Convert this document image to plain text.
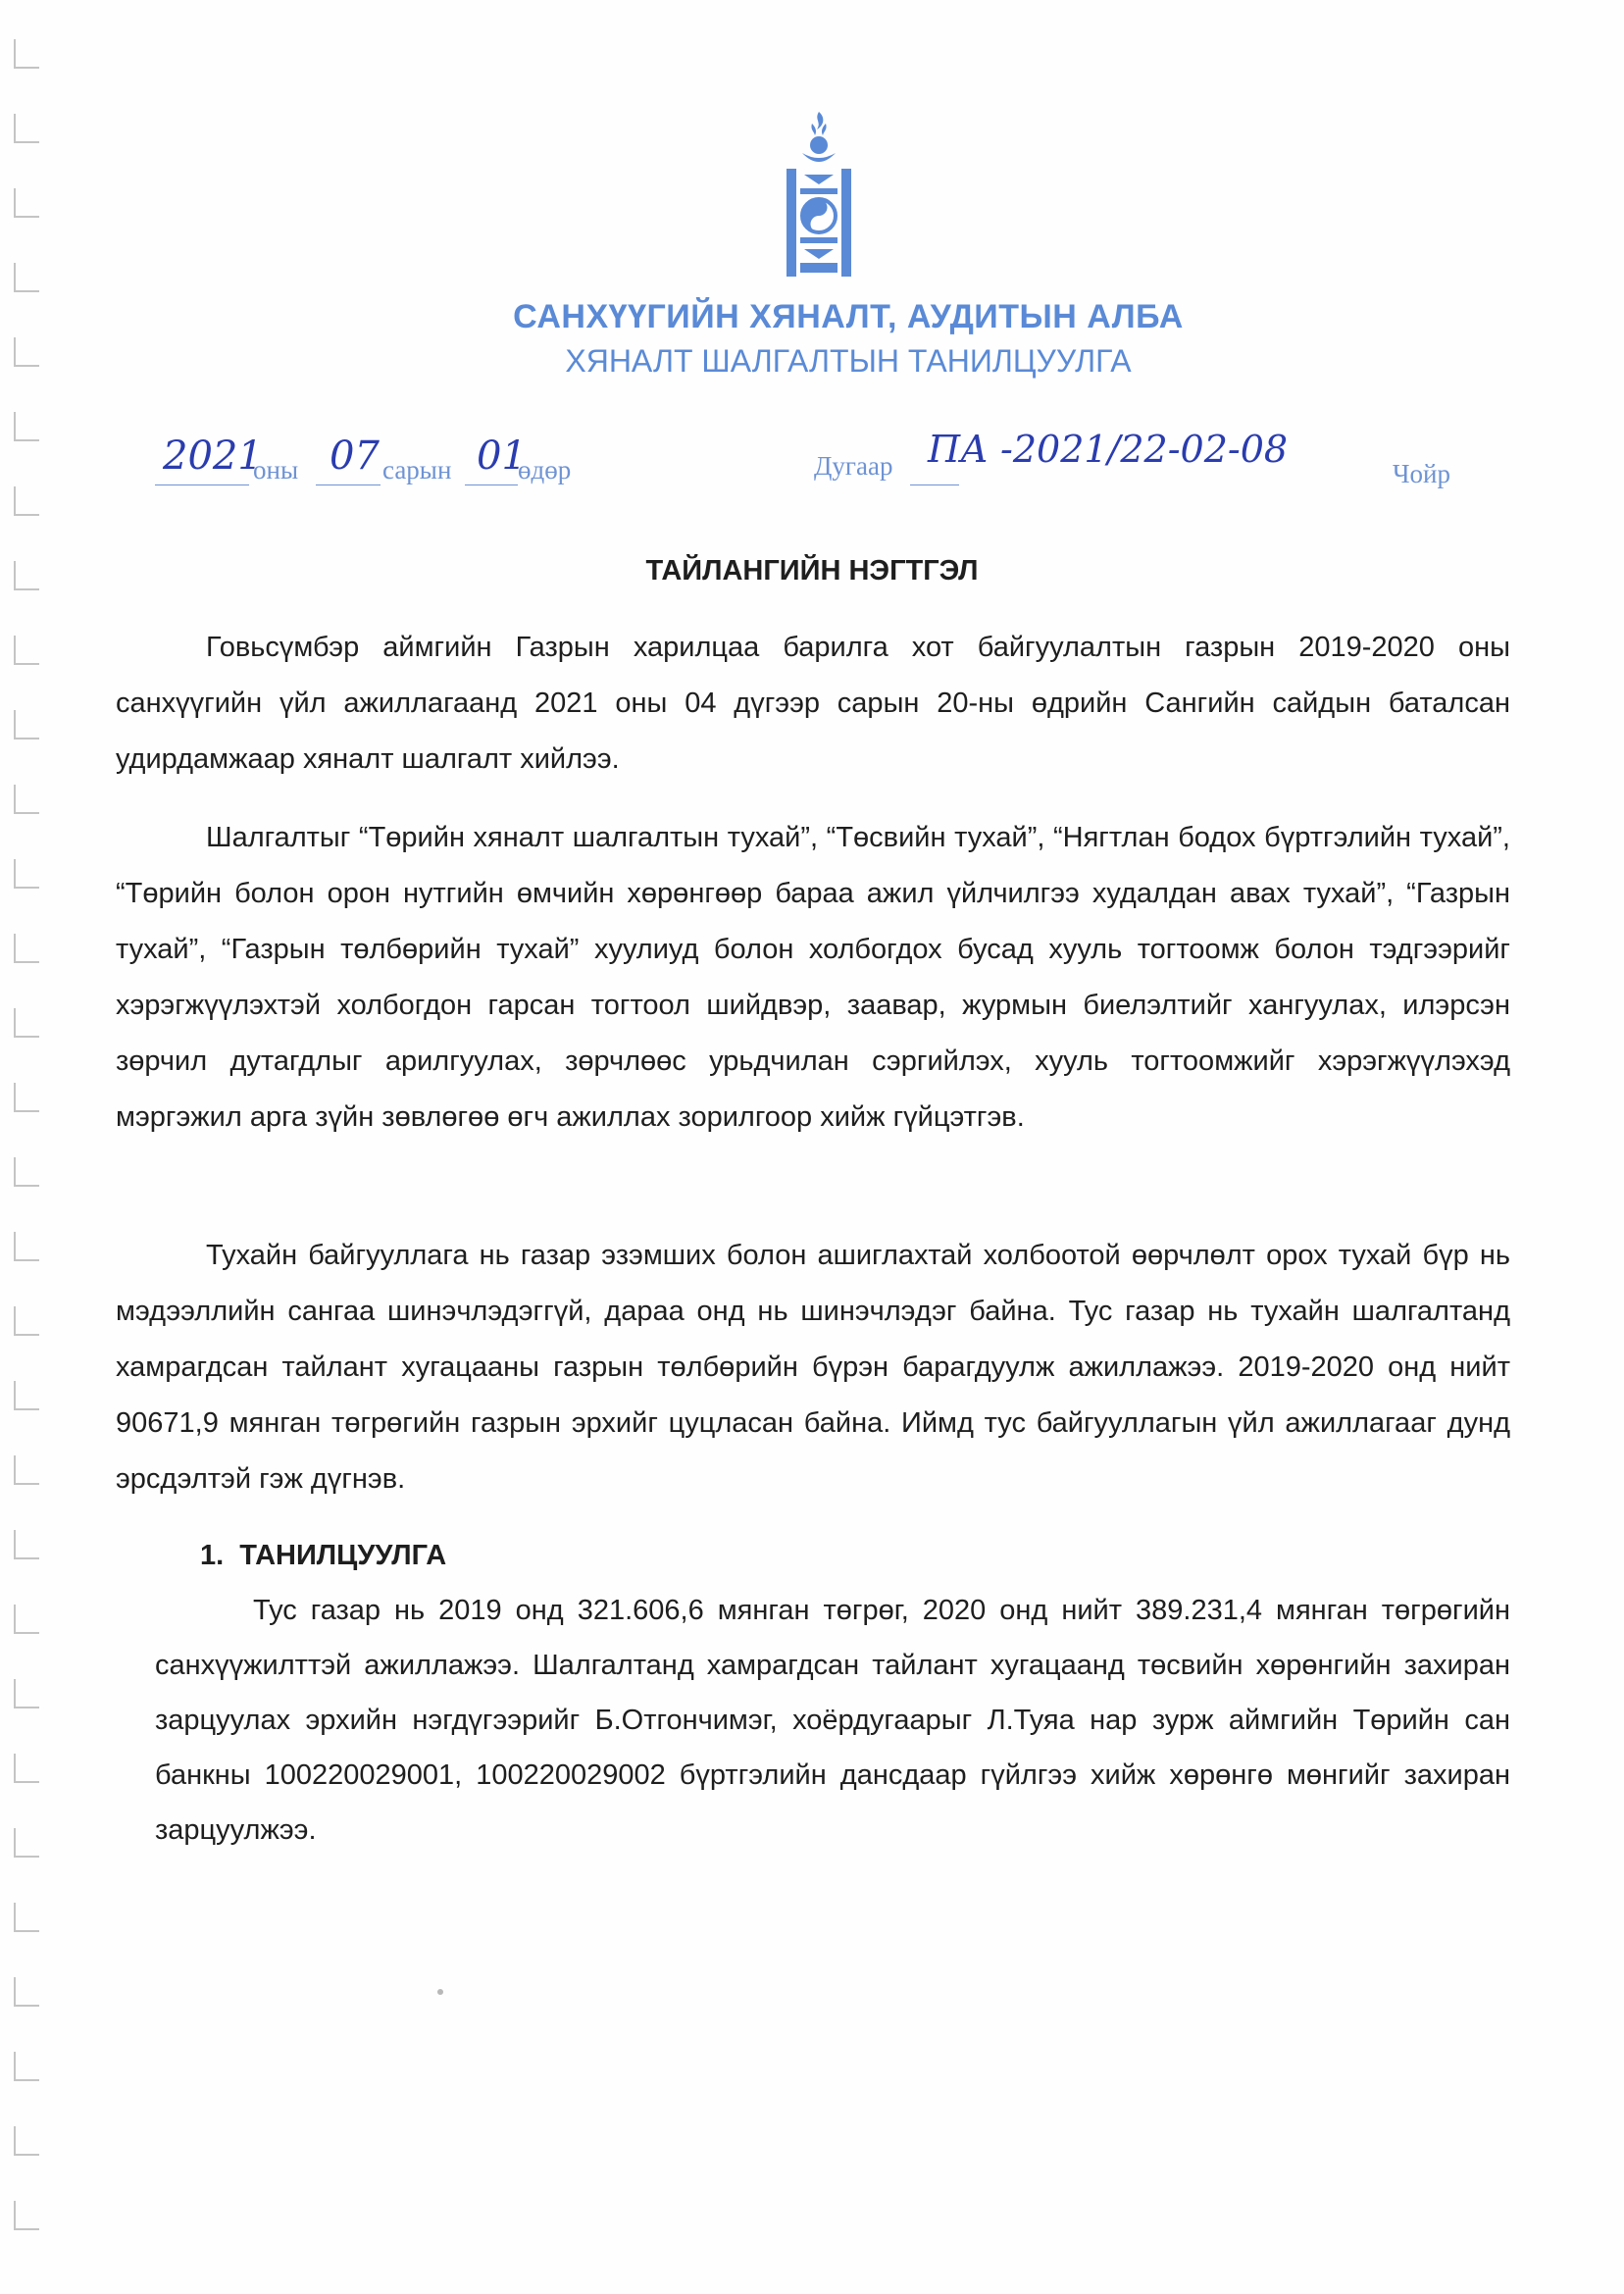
САНХҮҮГИЙН ХЯНАЛТ, АУДИТЫН АЛБА
ХЯНАЛТ ШАЛГАЛТЫН ТАНИЛЦУУЛГА
2021
оны 07 сарын 01
өдөр	Дугаар ПА -2021/22-02-08
Чойр
ТАЙЛАНГИЙН НЭГТГЭЛ

Говьсүмбэр аймгийн Газрын харилцаа барилга хот байгуулалтын газрын 2019-2020 оны санхүүгийн үйл ажиллагаанд 2021 оны 04 дүгээр сарын 20-ны өдрийн Сангийн сайдын баталсан удирдамжаар хяналт шалгалт хийлээ.

Шалгалтыг “Төрийн хяналт шалгалтын тухай”, “Төсвийн тухай”, “Нягтлан бодох бүртгэлийн тухай”, “Төрийн болон орон нутгийн өмчийн хөрөнгөөр бараа ажил үйлчилгээ худалдан авах тухай”, “Газрын тухай”, “Газрын төлбөрийн тухай” хуулиуд болон холбогдох бусад хууль тогтоомж болон тэдгээрийг хэрэгжүүлэхтэй холбогдон гарсан тогтоол шийдвэр, заавар, журмын биелэлтийг хангуулах, илэрсэн зөрчил дутагдлыг арилгуулах, зөрчлөөс урьдчилан сэргийлэх, хууль тогтоомжийг хэрэгжүүлэхэд мэргэжил арга зүйн зөвлөгөө өгч ажиллах зорилгоор хийж гүйцэтгэв.

Тухайн байгууллага нь газар эзэмших болон ашиглахтай холбоотой өөрчлөлт орох тухай бүр нь мэдээллийн сангаа шинэчлэдэггүй, дараа онд нь шинэчлэдэг байна. Тус газар нь тухайн шалгалтанд хамрагдсан тайлант хугацааны газрын төлбөрийн бүрэн барагдуулж ажиллажээ. 2019-2020 онд нийт 90671,9 мянган төгрөгийн газрын эрхийг цуцласан байна. Иймд тус байгууллагын үйл ажиллагааг дунд эрсдэлтэй гэж дүгнэв.

1. ТАНИЛЦУУЛГА

Тус газар нь 2019 онд 321.606,6 мянган төгрөг, 2020 онд нийт 389.231,4 мянган төгрөгийн санхүүжилттэй ажиллажээ. Шалгалтанд хамрагдсан тайлант хугацаанд төсвийн хөрөнгийн захиран зарцуулах эрхийн нэгдүгээрийг Б.Отгончимэг, хоёрдугаарыг Л.Туяа нар зурж аймгийн Төрийн сан банкны 100220029001, 100220029002 бүртгэлийн дансдаар гүйлгээ хийж хөрөнгө мөнгийг захиран зарцуулжээ.
